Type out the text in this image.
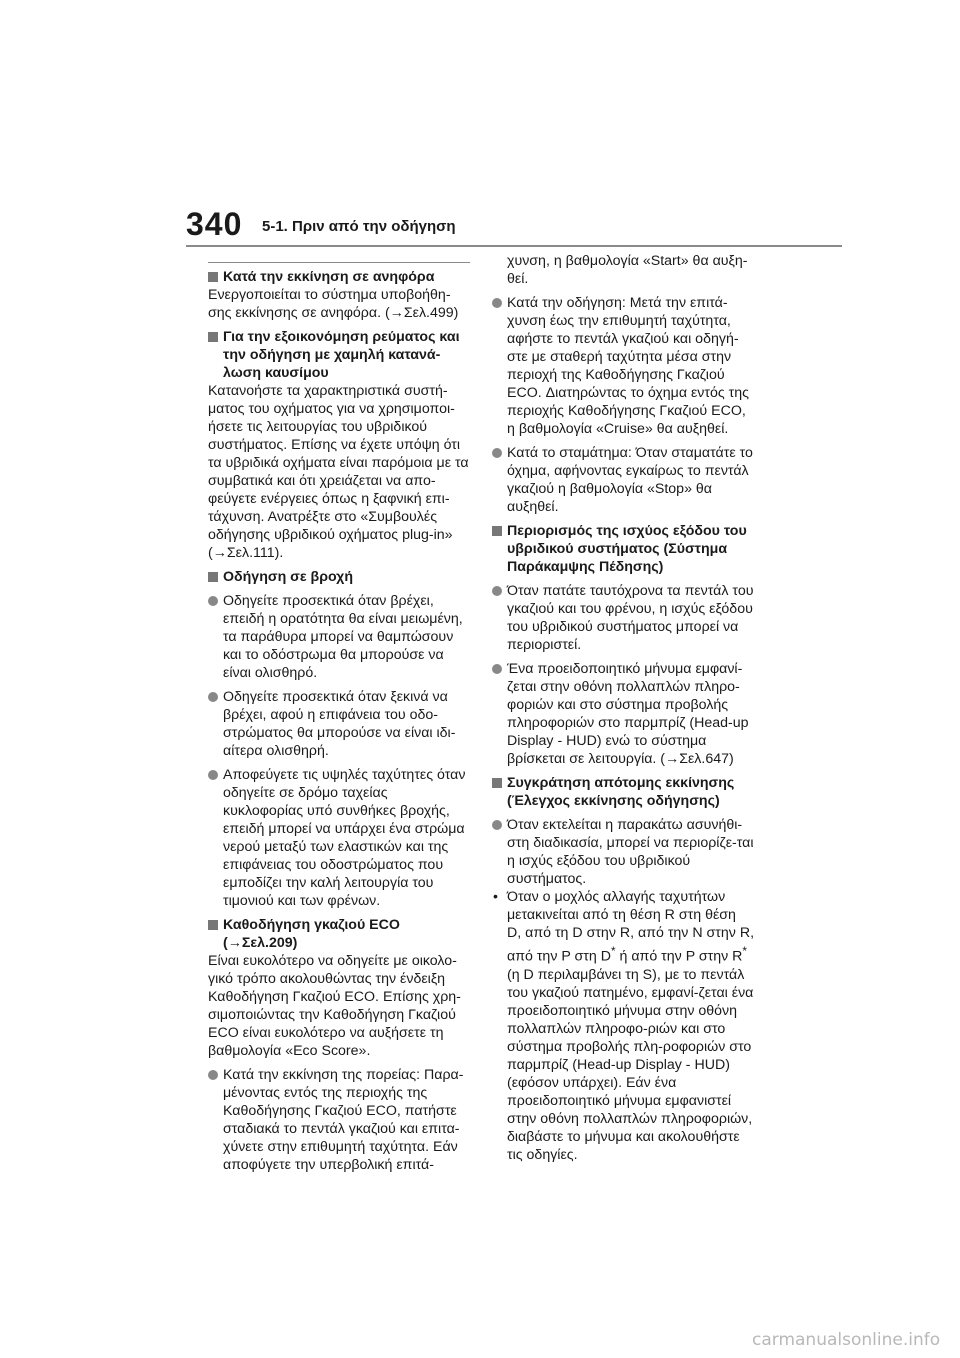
340 5-1. Πριν από την οδήγηση
Κατά την εκκίνηση σε ανηφόρα

Ενεργοποιείται το σύστημα υποβοήθη-σης εκκίνησης σε ανηφόρα. (→Σελ.499)

Για την εξοικονόμηση ρεύματος και την οδήγηση με χαμηλή κατανά-λωση καυσίμου

Κατανοήστε τα χαρακτηριστικά συστή-ματος του οχήματος για να χρησιμοποι-ήσετε τις λειτουργίας του υβριδικού συστήματος. Επίσης να έχετε υπόψη ότι τα υβριδικά οχήματα είναι παρόμοια με τα συμβατικά και ότι χρειάζεται να απο-φεύγετε ενέργειες όπως η ξαφνική επι-τάχυνση. Ανατρέξτε στο «Συμβουλές οδήγησης υβριδικού οχήματος plug-in» (→Σελ.111).

Οδήγηση σε βροχή
Οδηγείτε προσεκτικά όταν βρέχει, επειδή η ορατότητα θα είναι μειωμένη, τα παράθυρα μπορεί να θαμπώσουν και το οδόστρωμα θα μπορούσε να είναι ολισθηρό.
Οδηγείτε προσεκτικά όταν ξεκινά να βρέχει, αφού η επιφάνεια του οδο-στρώματος θα μπορούσε να είναι ιδι-αίτερα ολισθηρή.
Αποφεύγετε τις υψηλές ταχύτητες όταν οδηγείτε σε δρόμο ταχείας κυκλοφορίας υπό συνθήκες βροχής, επειδή μπορεί να υπάρχει ένα στρώμα νερού μεταξύ των ελαστικών και της επιφάνειας του οδοστρώματος που εμποδίζει την καλή λειτουργία του τιμονιού και των φρένων.
Καθοδήγηση γκαζιού ECO (→Σελ.209)

Είναι ευκολότερο να οδηγείτε με οικολο-γικό τρόπο ακολουθώντας την ένδειξη Καθοδήγηση Γκαζιού ECO. Επίσης χρη-σιμοποιώντας την Καθοδήγηση Γκαζιού ECO είναι ευκολότερο να αυξήσετε τη βαθμολογία «Eco Score».

Κατά την εκκίνηση της πορείας: Παρα-μένοντας εντός της περιοχής της Καθοδήγησης Γκαζιού ECO, πατήστε σταδιακά το πεντάλ γκαζιού και επιτα-χύνετε στην επιθυμητή ταχύτητα. Εάν αποφύγετε την υπερβολική επιτά-
χυνση, η βαθμολογία «Start» θα αυξη-θεί.
Κατά την οδήγηση: Μετά την επιτά-χυνση έως την επιθυμητή ταχύτητα, αφήστε το πεντάλ γκαζιού και οδηγή-στε με σταθερή ταχύτητα μέσα στην περιοχή της Καθοδήγησης Γκαζιού ECO. Διατηρώντας το όχημα εντός της περιοχής Καθοδήγησης Γκαζιού ECO, η βαθμολογία «Cruise» θα αυξηθεί.
Κατά το σταμάτημα: Όταν σταματάτε το όχημα, αφήνοντας εγκαίρως το πεντάλ γκαζιού η βαθμολογία «Stop» θα αυξηθεί.
Περιορισμός της ισχύος εξόδου του υβριδικού συστήματος (Σύστημα Παράκαμψης Πέδησης)
Όταν πατάτε ταυτόχρονα τα πεντάλ του γκαζιού και του φρένου, η ισχύς εξόδου του υβριδικού συστήματος μπορεί να περιοριστεί.
Ένα προειδοποιητικό μήνυμα εμφανί-ζεται στην οθόνη πολλαπλών πληρο-φοριών και στο σύστημα προβολής πληροφοριών στο παρμπρίζ (Head-up Display - HUD) ενώ το σύστημα βρίσκεται σε λειτουργία. (→Σελ.647)
Συγκράτηση απότομης εκκίνησης (Έλεγχος εκκίνησης οδήγησης)
Όταν εκτελείται η παρακάτω ασυνήθι-στη διαδικασία, μπορεί να περιορίζε-ται η ισχύς εξόδου του υβριδικού συστήματος.
• Όταν ο μοχλός αλλαγής ταχυτήτων μετακινείται από τη θέση R στη θέση D, από τη D στην R, από την N στην R, από την P στη D* ή από την P στην R* (η D περιλαμβάνει τη S), με το πεντάλ του γκαζιού πατημένο, εμφανί-ζεται ένα προειδοποιητικό μήνυμα στην οθόνη πολλαπλών πληροφο-ριών και στο σύστημα προβολής πλη-ροφοριών στο παρμπρίζ (Head-up Display - HUD) (εφόσον υπάρχει). Εάν ένα προειδοποιητικό μήνυμα εμφανιστεί στην οθόνη πολλαπλών πληροφοριών, διαβάστε το μήνυμα και ακολουθήστε τις οδηγίες.
carmanualsonline.info
